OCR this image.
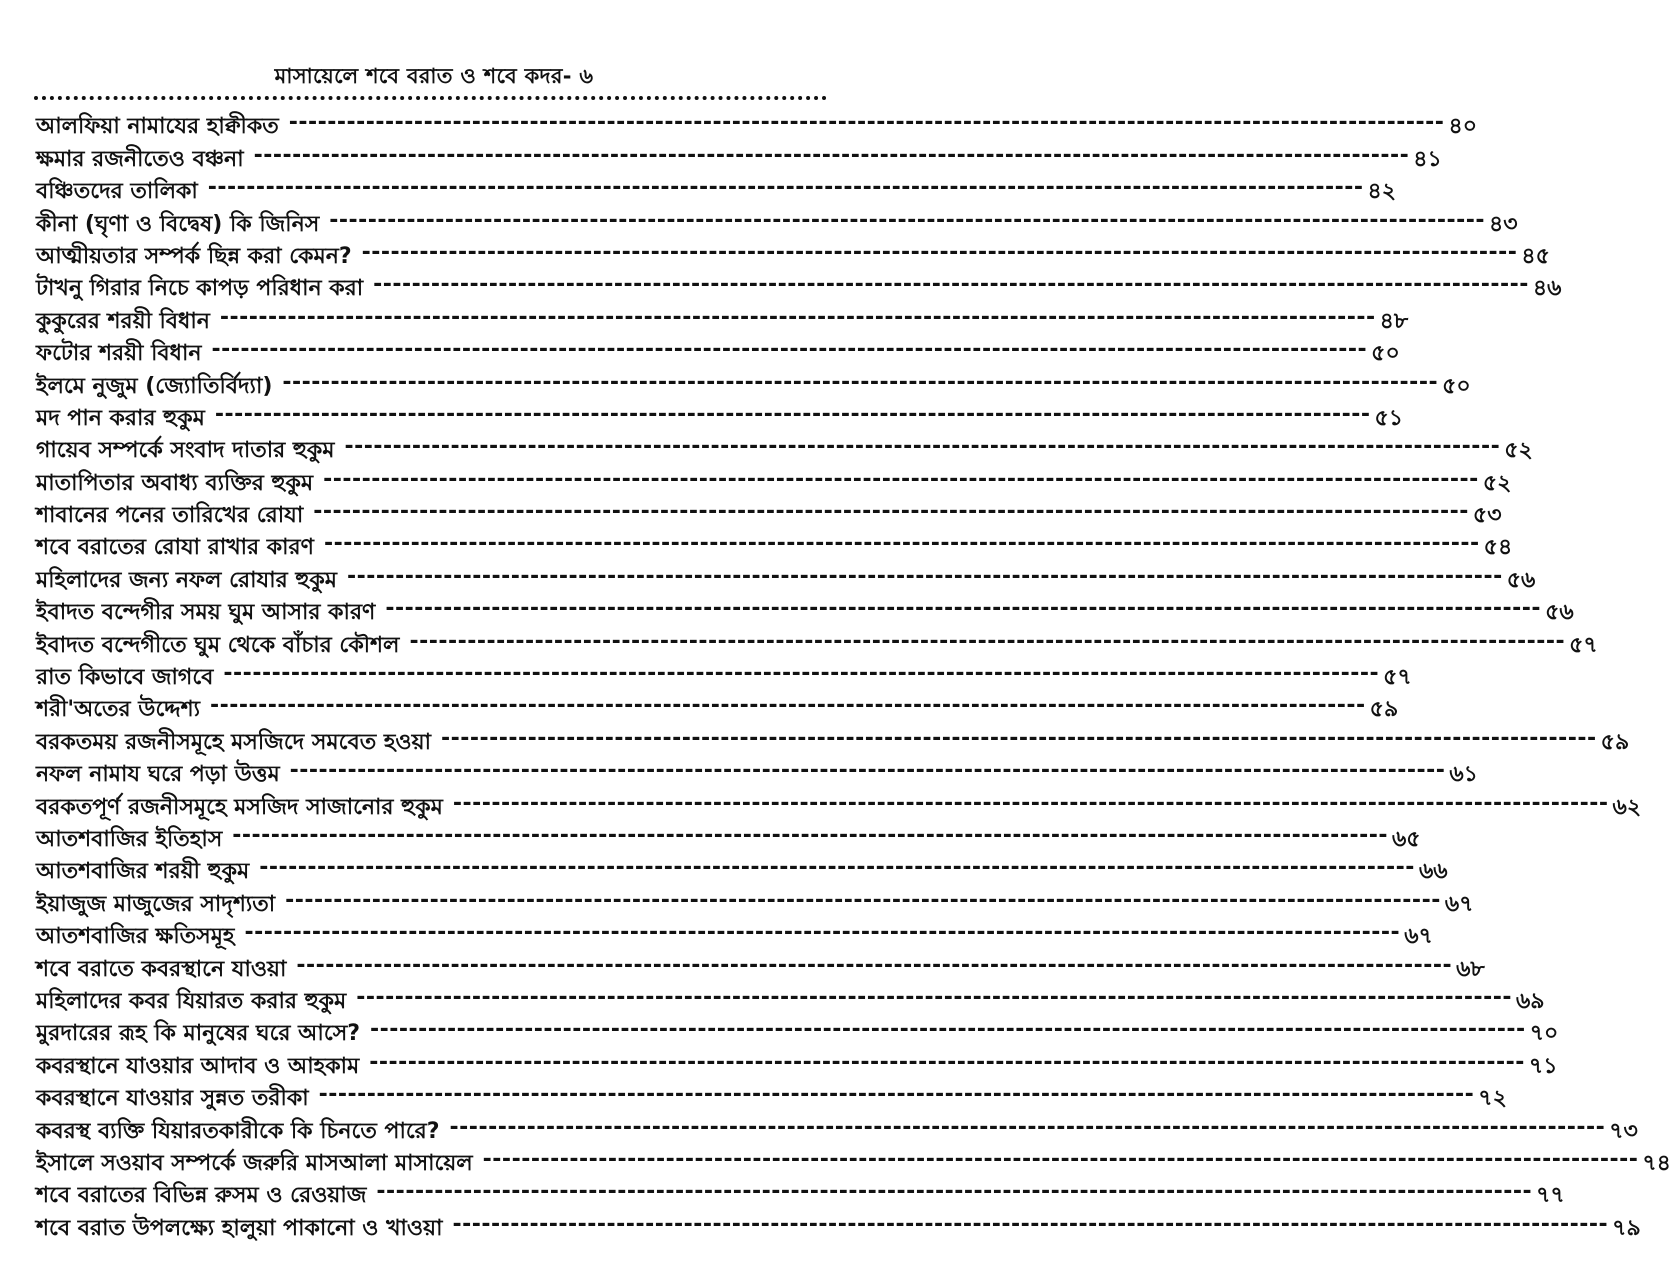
মাসায়েলে শবে বরাত ও শবে কদর- ৬
আলফিয়া নামাযের হাক্বীকত ------------------------------------------------------------------------------------------------------------------------ ৪০
ক্ষমার রজনীতেও বঞ্চনা ------------------------------------------------------------------------------------------------------------------------ ৪১
বঞ্চিতদের তালিকা ------------------------------------------------------------------------------------------------------------------------ ৪২
কীনা (ঘৃণা ও বিদ্বেষ) কি জিনিস ------------------------------------------------------------------------------------------------------------------------ ৪৩
আত্মীয়তার সম্পর্ক ছিন্ন করা কেমন? ------------------------------------------------------------------------------------------------------------------------ ৪৫
টাখনু গিরার নিচে কাপড় পরিধান করা ------------------------------------------------------------------------------------------------------------------------ ৪৬
কুকুরের শরয়ী বিধান ------------------------------------------------------------------------------------------------------------------------ ৪৮
ফটোর শরয়ী বিধান ------------------------------------------------------------------------------------------------------------------------ ৫০
ইলমে নুজুম (জ্যোতির্বিদ্যা) ------------------------------------------------------------------------------------------------------------------------ ৫০
মদ পান করার হুকুম ------------------------------------------------------------------------------------------------------------------------ ৫১
গায়েব সম্পর্কে সংবাদ দাতার হুকুম ------------------------------------------------------------------------------------------------------------------------ ৫২
মাতাপিতার অবাধ্য ব্যক্তির হুকুম ------------------------------------------------------------------------------------------------------------------------ ৫২
শাবানের পনের তারিখের রোযা ------------------------------------------------------------------------------------------------------------------------ ৫৩
শবে বরাতের রোযা রাখার কারণ ------------------------------------------------------------------------------------------------------------------------ ৫৪
মহিলাদের জন্য নফল রোযার হুকুম ------------------------------------------------------------------------------------------------------------------------ ৫৬
ইবাদত বন্দেগীর সময় ঘুম আসার কারণ ------------------------------------------------------------------------------------------------------------------------ ৫৬
ইবাদত বন্দেগীতে ঘুম থেকে বাঁচার কৌশল ------------------------------------------------------------------------------------------------------------------------ ৫৭
রাত কিভাবে জাগবে ------------------------------------------------------------------------------------------------------------------------ ৫৭
শরী'অতের উদ্দেশ্য ------------------------------------------------------------------------------------------------------------------------ ৫৯
বরকতময় রজনীসমূহে মসজিদে সমবেত হওয়া ------------------------------------------------------------------------------------------------------------------------ ৫৯
নফল নামায ঘরে পড়া উত্তম ------------------------------------------------------------------------------------------------------------------------ ৬১
বরকতপূর্ণ রজনীসমূহে মসজিদ সাজানোর হুকুম ------------------------------------------------------------------------------------------------------------------------ ৬২
আতশবাজির ইতিহাস ------------------------------------------------------------------------------------------------------------------------ ৬৫
আতশবাজির শরয়ী হুকুম ------------------------------------------------------------------------------------------------------------------------ ৬৬
ইয়াজুজ মাজুজের সাদৃশ্যতা ------------------------------------------------------------------------------------------------------------------------ ৬৭
আতশবাজির ক্ষতিসমূহ ------------------------------------------------------------------------------------------------------------------------ ৬৭
শবে বরাতে কবরস্থানে যাওয়া ------------------------------------------------------------------------------------------------------------------------ ৬৮
মহিলাদের কবর যিয়ারত করার হুকুম ------------------------------------------------------------------------------------------------------------------------ ৬৯
মুরদারের রূহ কি মানুষের ঘরে আসে? ------------------------------------------------------------------------------------------------------------------------ ৭০
কবরস্থানে যাওয়ার আদাব ও আহকাম ------------------------------------------------------------------------------------------------------------------------ ৭১
কবরস্থানে যাওয়ার সুন্নত তরীকা ------------------------------------------------------------------------------------------------------------------------ ৭২
কবরস্থ ব্যক্তি যিয়ারতকারীকে কি চিনতে পারে? ------------------------------------------------------------------------------------------------------------------------ ৭৩
ইসালে সওয়াব সম্পর্কে জরুরি মাসআলা মাসায়েল ------------------------------------------------------------------------------------------------------------------------ ৭৪
শবে বরাতের বিভিন্ন রুসম ও রেওয়াজ ------------------------------------------------------------------------------------------------------------------------ ৭৭
শবে বরাত উপলক্ষ্যে হালুয়া পাকানো ও খাওয়া ------------------------------------------------------------------------------------------------------------------------ ৭৯
